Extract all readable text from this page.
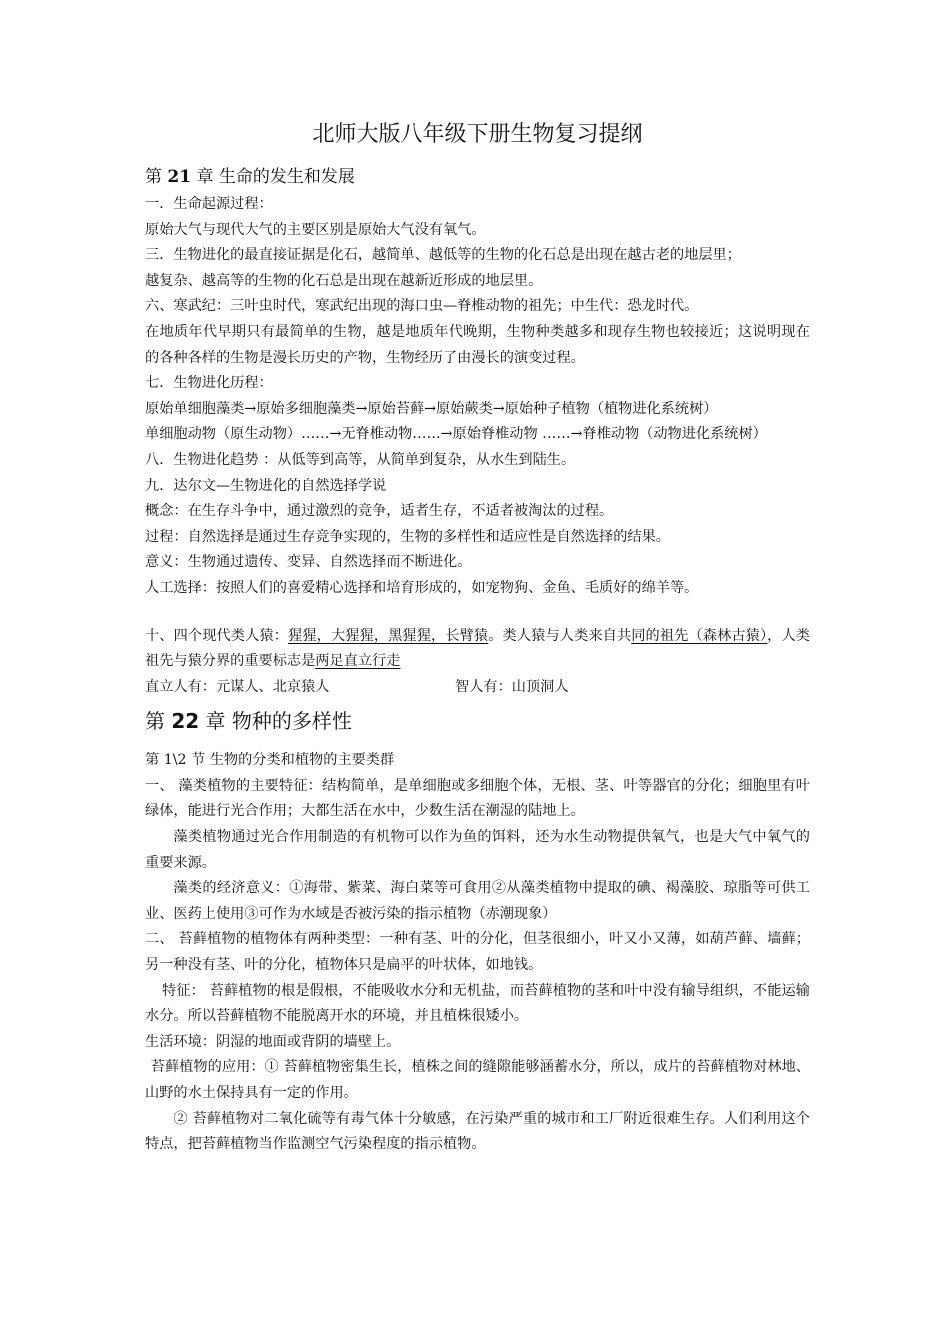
北师大版八年级下册生物复习提纲
第 21 章 生命的发生和发展

一．生命起源过程：

原始大气与现代大气的主要区别是原始大气没有氧气。

三．生物进化的最直接证据是化石，越简单、越低等的生物的化石总是出现在越古老的地层里；

越复杂、越高等的生物的化石总是出现在越新近形成的地层里。

六、寒武纪：三叶虫时代，寒武纪出现的海口虫—脊椎动物的祖先；中生代：恐龙时代。

在地质年代早期只有最简单的生物，越是地质年代晚期，生物种类越多和现存生物也较接近；这说明现在的各种各样的生物是漫长历史的产物，生物经历了由漫长的演变过程。

七．生物进化历程：

原始单细胞藻类→原始多细胞藻类→原始苔藓→原始蕨类→原始种子植物（植物进化系统树）

单细胞动物（原生动物）……→无脊椎动物……→原始脊椎动物 ……→脊椎动物（动物进化系统树）

八．生物进化趋势 ：从低等到高等，从简单到复杂，从水生到陆生。

九．达尔文—生物进化的自然选择学说

概念：在生存斗争中，通过激烈的竞争，适者生存，不适者被淘汰的过程。

过程：自然选择是通过生存竞争实现的，生物的多样性和适应性是自然选择的结果。

意义：生物通过遗传、变异、自然选择而不断进化。

人工选择：按照人们的喜爱精心选择和培育形成的，如宠物狗、金鱼、毛质好的绵羊等。

十、四个现代类人猿：猩猩，大猩猩，黑猩猩，长臂猿。类人猿与人类来自共同的祖先（森林古猿），人类祖先与猿分界的重要标志是两足直立行走

直立人有：元谋人、北京猿人	智人有：山顶洞人
第 22 章 物种的多样性

第 1\2 节 生物的分类和植物的主要类群

一、 藻类植物的主要特征：结构简单，是单细胞或多细胞个体，无根、茎、叶等器官的分化；细胞里有叶绿体，能进行光合作用；大都生活在水中，少数生活在潮湿的陆地上。

藻类植物通过光合作用制造的有机物可以作为鱼的饵料，还为水生动物提供氧气，也是大气中氧气的重要来源。

藻类的经济意义：①海带、紫菜、海白菜等可食用②从藻类植物中提取的碘、褐藻胶、琼脂等可供工业、医药上使用③可作为水域是否被污染的指示植物（赤潮现象）

二、 苔藓植物的植物体有两种类型：一种有茎、叶的分化，但茎很细小，叶又小又薄，如葫芦藓、墙藓；另一种没有茎、叶的分化，植物体只是扁平的叶状体，如地钱。

特征： 苔藓植物的根是假根，不能吸收水分和无机盐，而苔藓植物的茎和叶中没有输导组织，不能运输水分。所以苔藓植物不能脱离开水的环境，并且植株很矮小。

生活环境：阴湿的地面或背阴的墙壁上。

苔藓植物的应用：① 苔藓植物密集生长，植株之间的缝隙能够涵蓄水分，所以，成片的苔藓植物对林地、山野的水土保持具有一定的作用。

② 苔藓植物对二氧化硫等有毒气体十分敏感，在污染严重的城市和工厂附近很难生存。人们利用这个特点，把苔藓植物当作监测空气污染程度的指示植物。
